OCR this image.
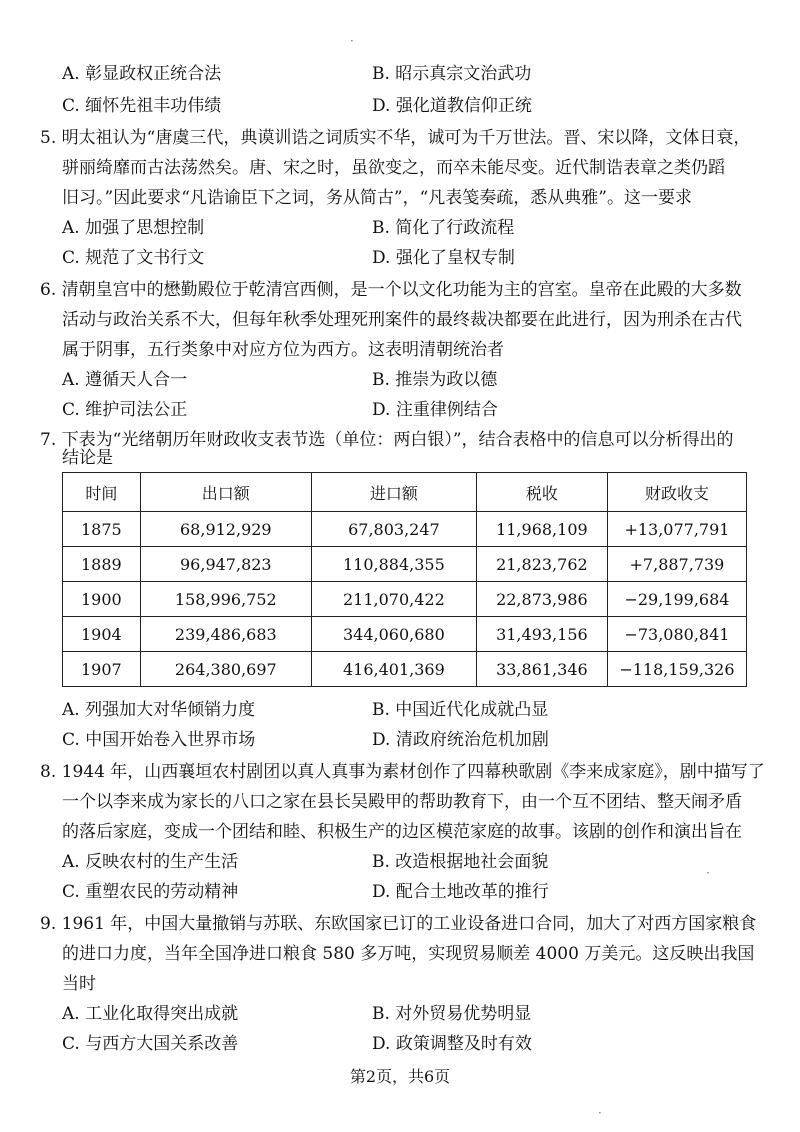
A. 彰显政权正统合法	B. 昭示真宗文治武功
C. 缅怀先祖丰功伟绩	D. 强化道教信仰正统
5. 明太祖认为“唐虞三代，典谟训诰之词质实不华，诚可为千万世法。晋、宋以降，文体日衰，
骈丽绮靡而古法荡然矣。唐、宋之时，虽欲变之，而卒未能尽变。近代制诰表章之类仍蹈
旧习。”因此要求“凡诰谕臣下之词，务从简古”，“凡表笺奏疏，悉从典雅”。这一要求
A. 加强了思想控制	B. 简化了行政流程
C. 规范了文书行文	D. 强化了皇权专制
6. 清朝皇宫中的懋勤殿位于乾清宫西侧，是一个以文化功能为主的宫室。皇帝在此殿的大多数
活动与政治关系不大，但每年秋季处理死刑案件的最终裁决都要在此进行，因为刑杀在古代
属于阴事，五行类象中对应方位为西方。这表明清朝统治者
A. 遵循天人合一	B. 推崇为政以德
C. 维护司法公正	D. 注重律例结合
7. 下表为“光绪朝历年财政收支表节选（单位：两白银）”，结合表格中的信息可以分析得出的
结论是
时间	出口额	进口额	税收	财政收支
1875	68,912,929	67,803,247	11,968,109	+13,077,791
1889	96,947,823	110,884,355	21,823,762	+7,887,739
1900	158,996,752	211,070,422	22,873,986	−29,199,684
1904	239,486,683	344,060,680	31,493,156	−73,080,841
1907	264,380,697	416,401,369	33,861,346	−118,159,326
A. 列强加大对华倾销力度	B. 中国近代化成就凸显
C. 中国开始卷入世界市场	D. 清政府统治危机加剧
8. 1944 年，山西襄垣农村剧团以真人真事为素材创作了四幕秧歌剧《李来成家庭》，剧中描写了
一个以李来成为家长的八口之家在县长吴殿甲的帮助教育下，由一个互不团结、整天闹矛盾
的落后家庭，变成一个团结和睦、积极生产的边区模范家庭的故事。该剧的创作和演出旨在
A. 反映农村的生产生活	B. 改造根据地社会面貌
C. 重塑农民的劳动精神	D. 配合土地改革的推行
9. 1961 年，中国大量撤销与苏联、东欧国家已订的工业设备进口合同，加大了对西方国家粮食
的进口力度，当年全国净进口粮食 580 多万吨，实现贸易顺差 4000 万美元。这反映出我国
当时
A. 工业化取得突出成就	B. 对外贸易优势明显
C. 与西方大国关系改善	D. 政策调整及时有效
第2页，共6页
·
·
·
